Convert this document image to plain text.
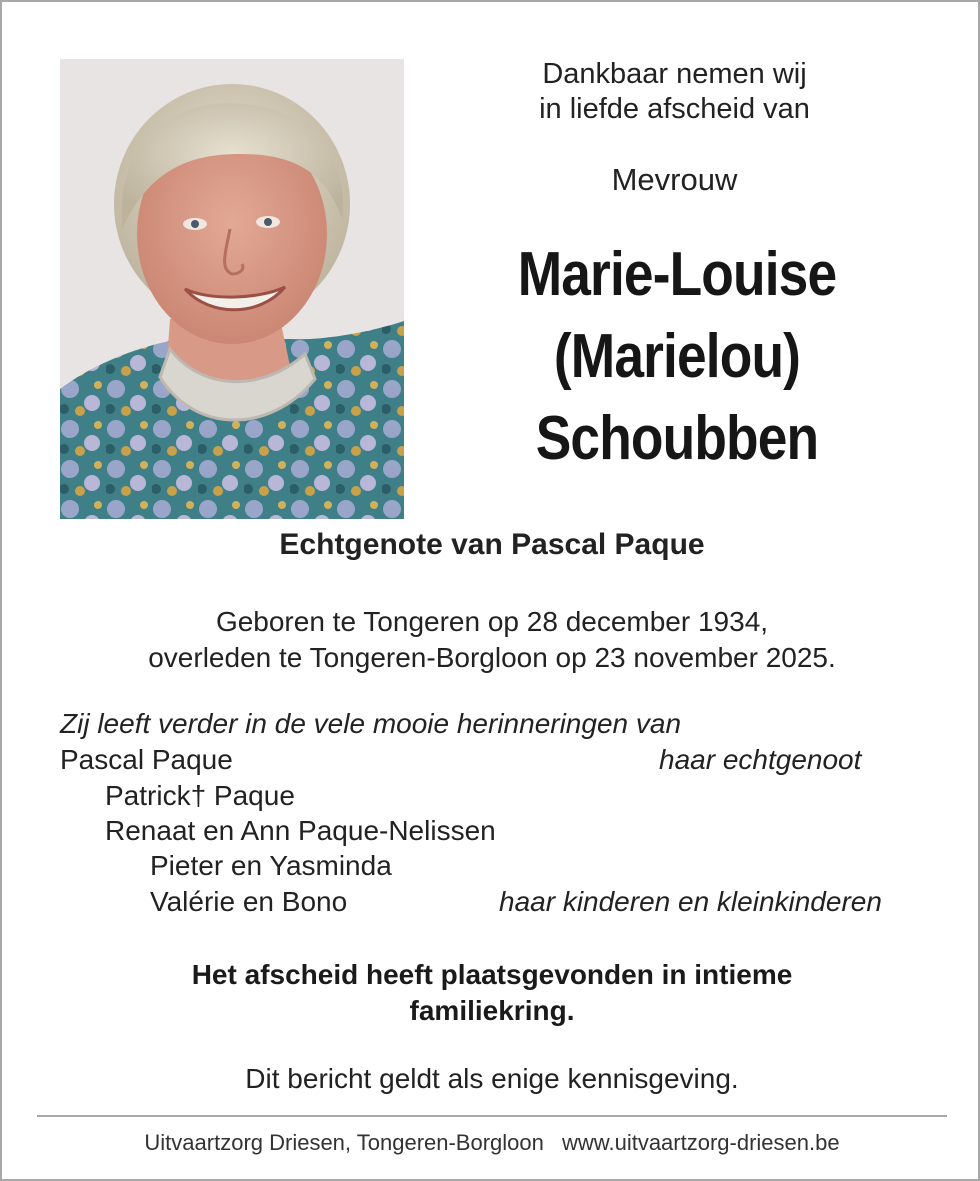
Dankbaar nemen wij
in liefde afscheid van
Mevrouw
Marie-Louise
(Marielou)
Schoubben
Echtgenote van Pascal Paque
Geboren te Tongeren op 28 december 1934,
overleden te Tongeren-Borgloon op 23 november 2025.
Zij leeft verder in de vele mooie herinneringen van
Pascal Paque	haar echtgenoot
Patrick† Paque
Renaat en Ann Paque-Nelissen
Pieter en Yasminda
Valérie en Bono	haar kinderen en kleinkinderen
Het afscheid heeft plaatsgevonden in intieme
familiekring.
Dit bericht geldt als enige kennisgeving.
Uitvaartzorg Driesen, Tongeren-Borgloon www.uitvaartzorg-driesen.be
